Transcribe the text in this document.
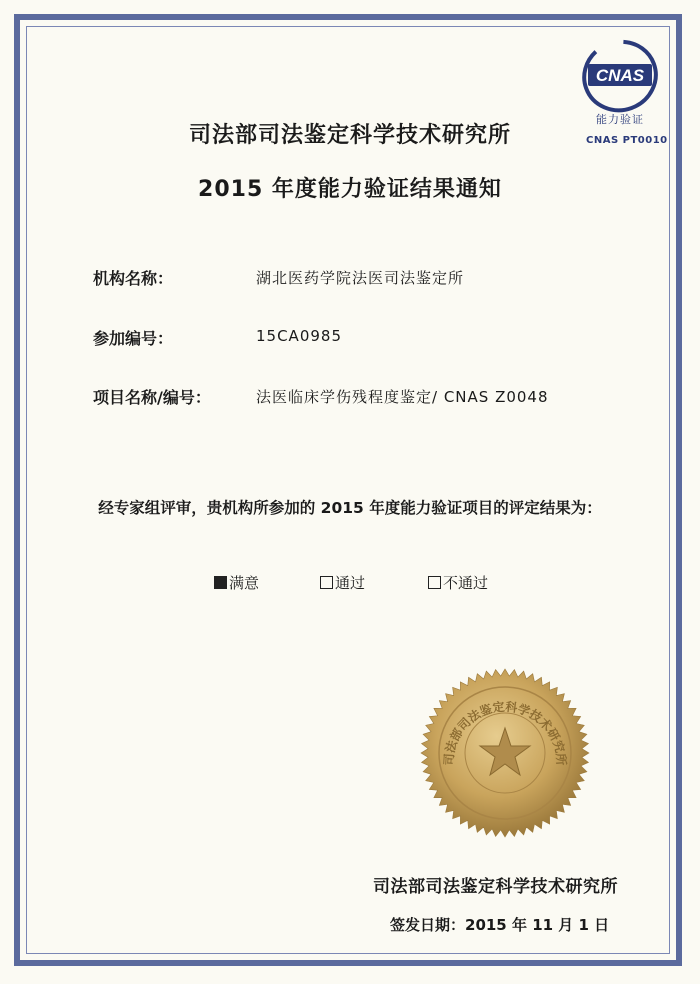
CNAS
能力验证
CNAS PT0010
司法部司法鉴定科学技术研究所
2015 年度能力验证结果通知
机构名称：	湖北医药学院法医司法鉴定所
参加编号：	15CA0985
项目名称/编号：	法医临床学伤残程度鉴定/ CNAS Z0048
经专家组评审，贵机构所参加的 2015 年度能力验证项目的评定结果为：
满意	通过	不通过
司法部司法鉴定科学技术研究所
司法部司法鉴定科学技术研究所
签发日期：2015 年 11 月 1 日
